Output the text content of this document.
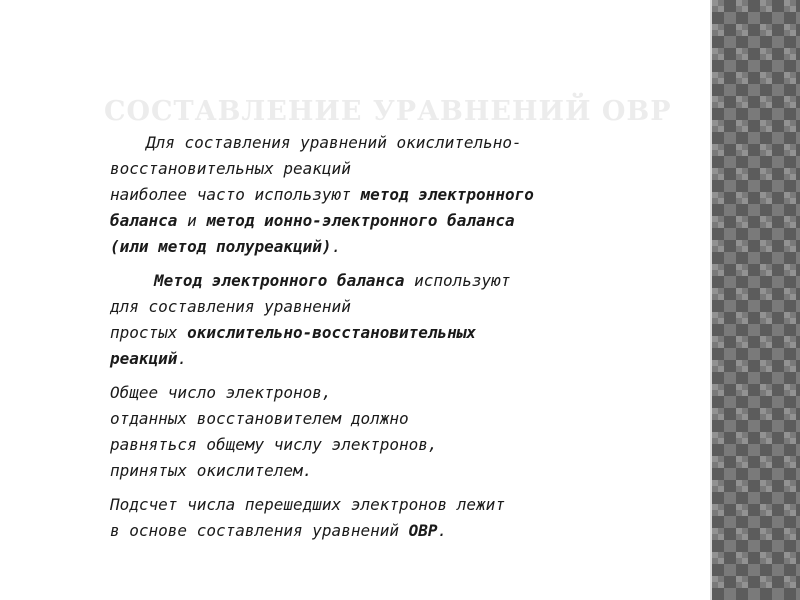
СОСТАВЛЕНИЕ УРАВНЕНИЙ ОВР
Для составления уравнений окислительно-
восстановительных реакций
наиболее часто используют метод электронного
баланса и метод ионно-электронного баланса
(или метод полуреакций).
Метод электронного баланса используют
для составления уравнений
простых окислительно-восстановительных
реакций.
Общее число электронов,
отданных восстановителем должно
равняться общему числу электронов,
принятых окислителем.
Подсчет числа перешедших электронов лежит
в основе составления уравнений ОВР.
